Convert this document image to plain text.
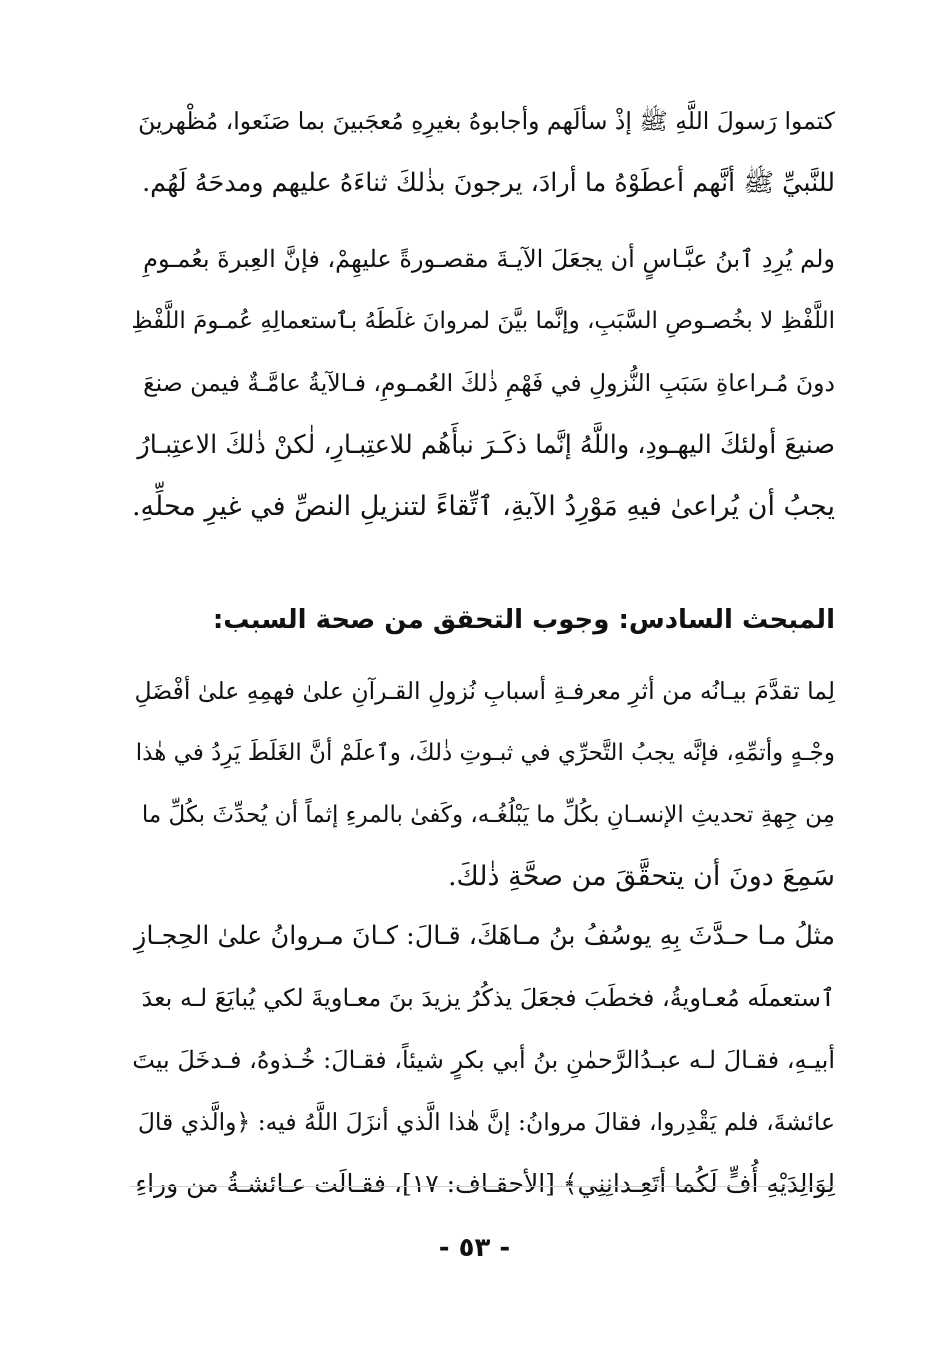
كتموا رَسولَ اللَّهِ ﷺ إذْ سألَهم وأجابوهُ بغيرِهِ مُعجَبينَ بما صَنَعوا، مُظْهرينَ
للنَّبيِّ ﷺ أنَّهم أعطَوْهُ ما أرادَ، يرجونَ بذٰلكَ ثناءَهُ عليهم ومدحَهُ لَهُم.
ولم يُرِدِ ٱبنُ عبَّـاسٍ أن يجعَلَ الآيـةَ مقصـورةً عليهِمْ، فإنَّ العِبرةَ بعُمـومِ
اللَّفْظِ لا بخُصـوصِ السَّبَبِ، وإنَّما بيَّنَ لمروانَ غلَطَهُ بٱستعمالِهِ عُمـومَ اللَّفْظِ
دونَ مُـراعاةِ سَبَبِ النُّزولِ في فَهْمِ ذٰلكَ العُمـومِ، فـالآيةُ عامَّـةٌ فيمن صنعَ
صنيعَ أولئكَ اليهـودِ، واللَّهُ إنَّما ذكَـرَ نبأَهُم للاعتِبـارِ، لٰكنْ ذٰلكَ الاعتِبـارُ
يجبُ أن يُراعىٰ فيهِ مَوْرِدُ الآيةِ، ٱتِّقاءً لتنزيلِ النصِّ في غيرِ محلِّهِ.
المبحث السادس: وجوب التحقق من صحة السبب:
لِما تقدَّمَ بيـانُه من أثرِ معرفـةِ أسبابِ نُزولِ القـرآنِ علىٰ فهمِهِ علىٰ أفْضَلِ
وجْـهٍ وأتمِّهِ، فإنَّه يجبُ التَّحرِّي في ثبـوتِ ذٰلكَ، وٱعلَمْ أنَّ الغَلَطَ يَرِدُ في هٰذا
مِن جِهةِ تحديثِ الإنسـانِ بكُلِّ ما يَبْلُغُـه، وكَفىٰ بالمرءِ إثماً أن يُحدِّثَ بكُلِّ ما
سَمِعَ دونَ أن يتحقَّقَ من صحَّةِ ذٰلكَ.
مثلُ مـا حـدَّثَ بِهِ يوسُفُ بنُ مـاهَكَ، قـالَ: كـانَ مـروانُ علىٰ الحِجـازِ
ٱستعملَه مُعـاويةُ، فخطَبَ فجعَلَ يذكُرُ يزيدَ بنَ معـاويةَ لكي يُبايَعَ لـه بعدَ
أبيـهِ، فقـالَ لـه عبـدُالرَّحمٰنِ بنُ أبي بكرٍ شيئاً، فقـالَ: خُـذوهُ، فـدخَلَ بيتَ
عائشةَ، فلم يَقْدِروا، فقالَ مروانُ: إنَّ هٰذا الَّذي أنزَلَ اللَّهُ فيه: ﴿والَّذي قالَ
لِوَالِدَيْهِ أُفٍّ لَكُما أتَعِـدانِنِي﴾ [الأحقـاف: ١٧]، فقـالَت عـائشـةُ من وراءِ
- ٥٣ -
